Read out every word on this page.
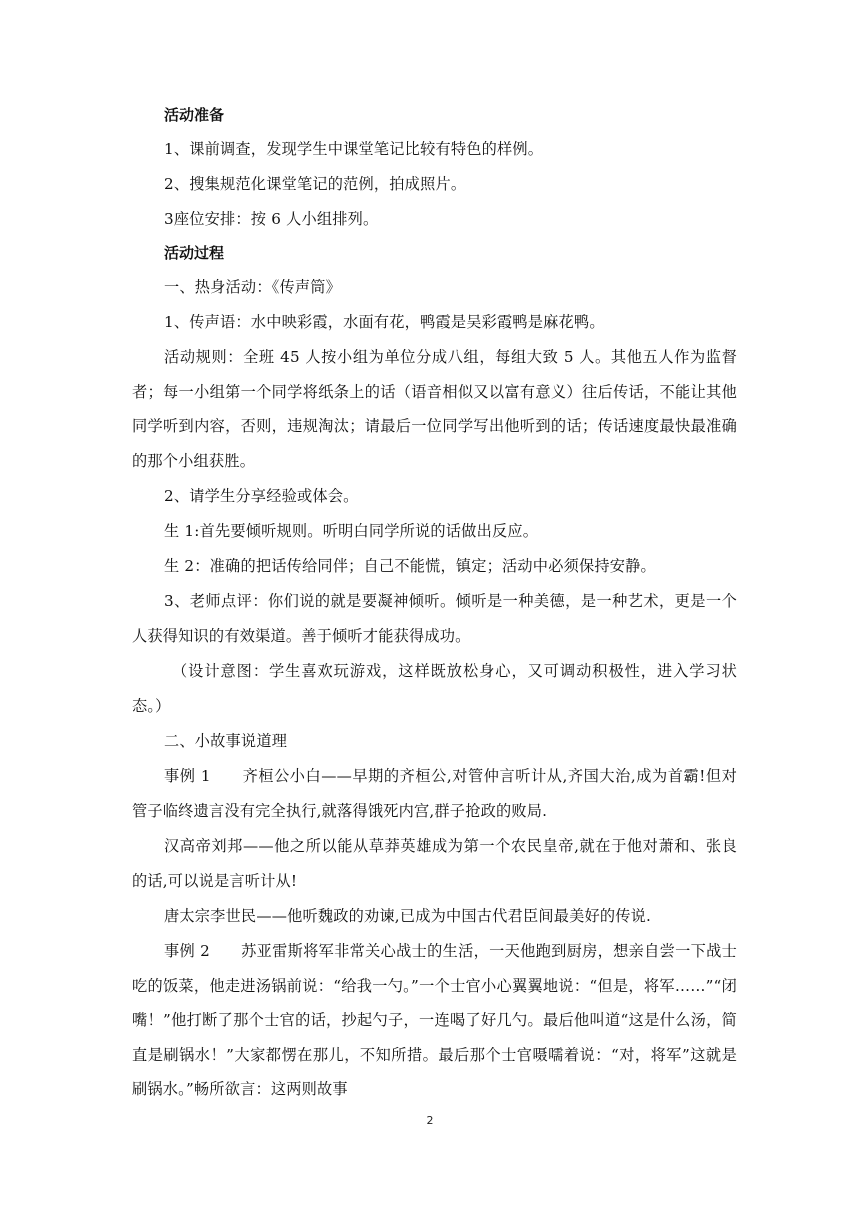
活动准备
1、课前调查，发现学生中课堂笔记比较有特色的样例。
2、搜集规范化课堂笔记的范例，拍成照片。
3座位安排：按 6 人小组排列。
活动过程
一、热身活动：《传声筒》
1、传声语：水中映彩霞，水面有花，鸭霞是吴彩霞鸭是麻花鸭。
活动规则：全班 45 人按小组为单位分成八组，每组大致 5 人。其他五人作为监督者；每一小组第一个同学将纸条上的话（语音相似又以富有意义）往后传话，不能让其他同学听到内容，否则，违规淘汰；请最后一位同学写出他听到的话；传话速度最快最准确的那个小组获胜。
2、请学生分享经验或体会。
生 1:首先要倾听规则。听明白同学所说的话做出反应。
生 2：准确的把话传给同伴；自己不能慌，镇定；活动中必须保持安静。
3、老师点评：你们说的就是要凝神倾听。倾听是一种美德，是一种艺术，更是一个人获得知识的有效渠道。善于倾听才能获得成功。
（设计意图：学生喜欢玩游戏，这样既放松身心，又可调动积极性，进入学习状态。）
二、小故事说道理
事例 1　　齐桓公小白——早期的齐桓公,对管仲言听计从,齐国大治,成为首霸!但对管子临终遗言没有完全执行,就落得饿死内宫,群子抢政的败局.
汉高帝刘邦——他之所以能从草莽英雄成为第一个农民皇帝,就在于他对萧和、张良的话,可以说是言听计从!
唐太宗李世民——他听魏政的劝谏,已成为中国古代君臣间最美好的传说.
事例 2　　苏亚雷斯将军非常关心战士的生活，一天他跑到厨房，想亲自尝一下战士吃的饭菜，他走进汤锅前说：“给我一勺。”一个士官小心翼翼地说：“但是，将军……”“闭嘴！”他打断了那个士官的话，抄起勺子，一连喝了好几勺。最后他叫道“这是什么汤，简直是刷锅水！”大家都愣在那儿，不知所措。最后那个士官嗫嚅着说：“对，将军”这就是刷锅水。”畅所欲言：这两则故事
2
